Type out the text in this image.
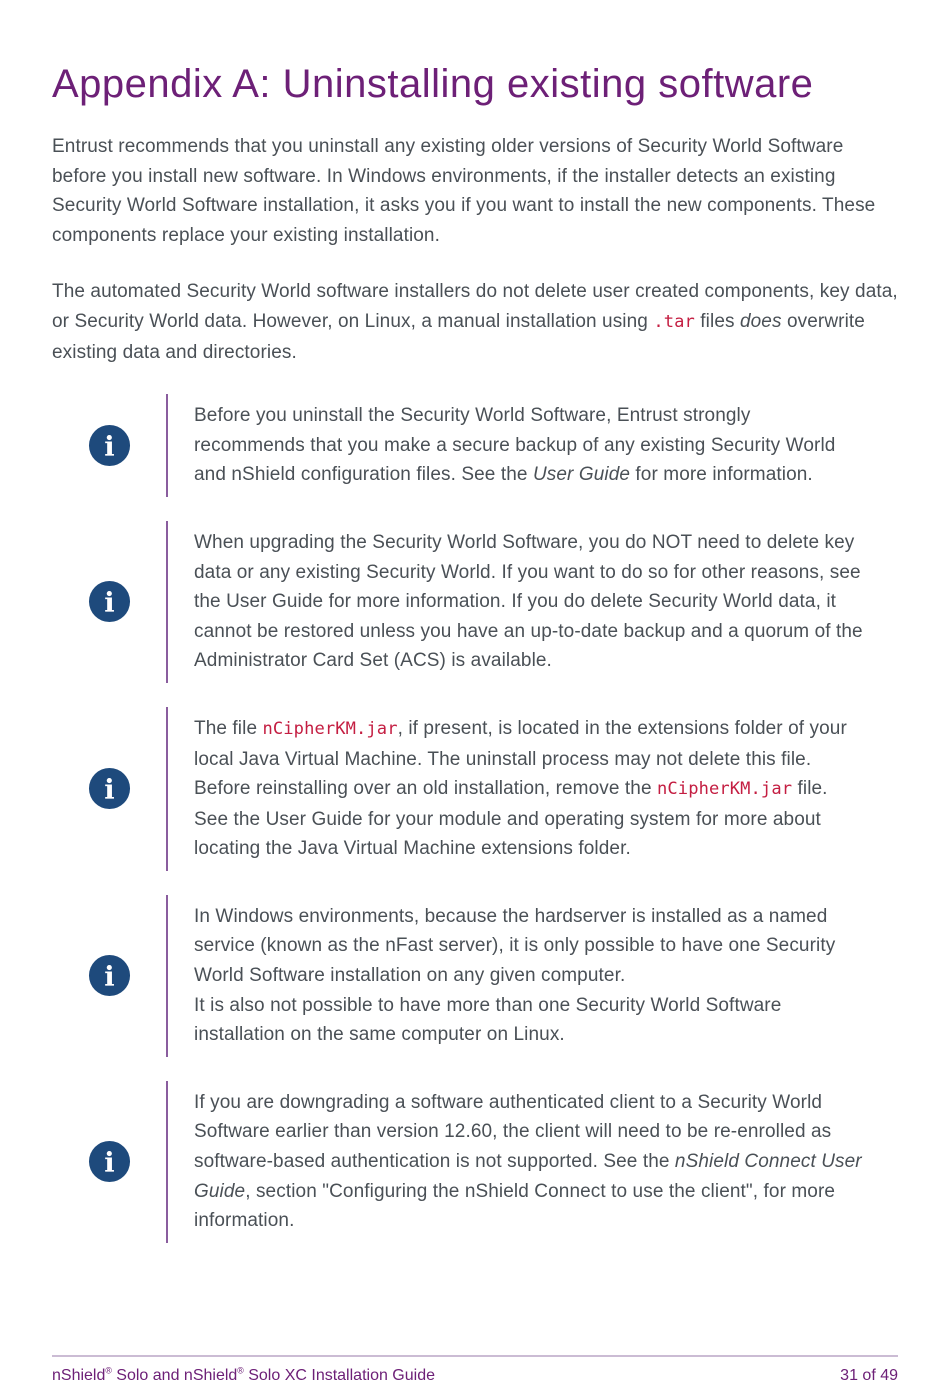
Appendix A: Uninstalling existing software

Entrust recommends that you uninstall any existing older versions of Security World Software before you install new software. In Windows environments, if the installer detects an existing Security World Software installation, it asks you if you want to install the new components. These components replace your existing installation.

The automated Security World software installers do not delete user created components, key data, or Security World data. However, on Linux, a manual installation using .tar files does overwrite existing data and directories.

i
Before you uninstall the Security World Software, Entrust strongly recommends that you make a secure backup of any existing Security World and nShield configuration files. See the User Guide for more information.
i
When upgrading the Security World Software, you do NOT need to delete key data or any existing Security World. If you want to do so for other reasons, see the User Guide for more information. If you do delete Security World data, it cannot be restored unless you have an up-to-date backup and a quorum of the Administrator Card Set (ACS) is available.
i
The file nCipherKM.jar, if present, is located in the extensions folder of your local Java Virtual Machine. The uninstall process may not delete this file. Before reinstalling over an old installation, remove the nCipherKM.jar file. See the User Guide for your module and operating system for more about locating the Java Virtual Machine extensions folder.
i
In Windows environments, because the hardserver is installed as a named service (known as the nFast server), it is only possible to have one Security World Software installation on any given computer.
It is also not possible to have more than one Security World Software installation on the same computer on Linux.
i
If you are downgrading a software authenticated client to a Security World Software earlier than version 12.60, the client will need to be re-enrolled as software-based authentication is not supported. See the nShield Connect User Guide, section "Configuring the nShield Connect to use the client", for more information.
nShield® Solo and nShield® Solo XC Installation Guide	31 of 49
